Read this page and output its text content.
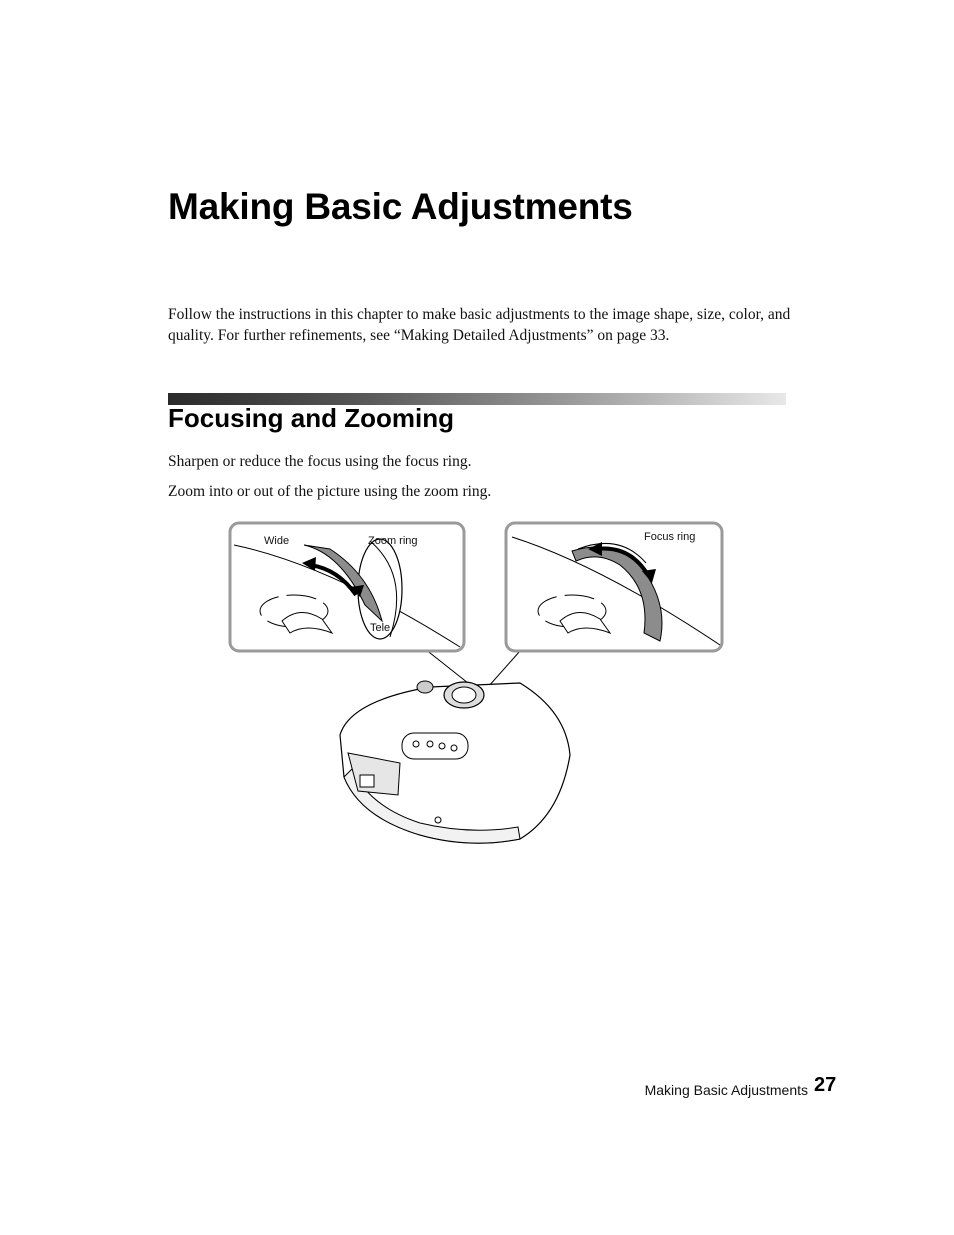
Making Basic Adjustments

Follow the instructions in this chapter to make basic adjustments to the image shape, size, color, and quality. For further refinements, see “Making Detailed Adjustments” on page 33.

Focusing and Zooming

Sharpen or reduce the focus using the focus ring.

Zoom into or out of the picture using the zoom ring.

Wide	Zoom ring
Tele
Focus ring
Making Basic Adjustments 27
